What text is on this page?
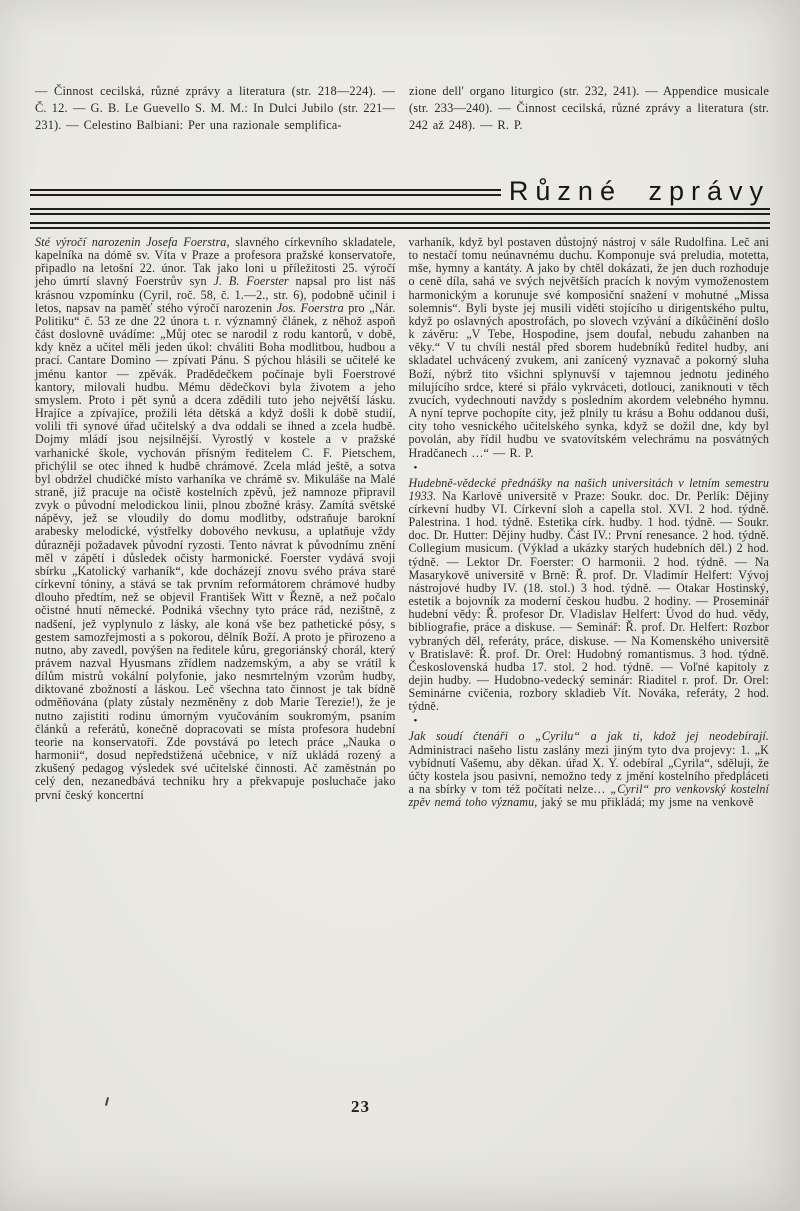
— Činnost cecilská, různé zprávy a literatura (str. 218—224). — Č. 12. — G. B. Le Guevello S. M. M.: In Dulci Jubilo (str. 221—231). — Celestino Balbiani: Per una razionale semplifica-
zione dell' organo liturgico (str. 232, 241). — Appendice musicale (str. 233—240). — Činnost cecilská, různé zprávy a literatura (str. 242 až 248). — R. P.
Různé zprávy

Sté výročí narozenin Josefa Foerstra, slavného církevního skladatele, kapelníka na dómě sv. Víta v Praze a profesora pražské konservatoře, připadlo na letošní 22. únor. Tak jako loni u příležitosti 25. výročí jeho úmrtí slavný Foerstrův syn J. B. Foerster napsal pro list náš krásnou vzpomínku (Cyril, roč. 58, č. 1.—2., str. 6), podobně učinil i letos, napsav na paměť stého výročí narozenin Jos. Foerstra pro „Nár. Politiku“ č. 53 ze dne 22 února t. r. významný článek, z něhož aspoň část doslovně uvádíme: „Můj otec se narodil z rodu kantorů, v době, kdy kněz a učitel měli jeden úkol: chváliti Boha modlitbou, hudbou a prací. Cantare Domino — zpívati Pánu. S pýchou hlásili se učitelé ke jménu kantor — zpěvák. Pradědečkem počínaje byli Foerstrové kantory, milovali hudbu. Mému dědečkovi byla životem a jeho smyslem. Proto i pět synů a dcera zdědili tuto jeho největší lásku. Hrajíce a zpívajíce, prožili léta dětská a když došli k době studií, volili tři synové úřad učitelský a dva oddali se ihned a zcela hudbě. Dojmy mládí jsou nejsilnější. Vyrostlý v kostele a v pražské varhanické škole, vychován přísným ředitelem C. F. Pietschem, přichýlil se otec ihned k hudbě chrámové. Zcela mlád ještě, a sotva byl obdržel chudičké místo varhaníka ve chrámě sv. Mikuláše na Malé straně, již pracuje na očistě kostelních zpěvů, jež namnoze připravil zvyk o původní melodickou linii, plnou zbožné krásy. Zamítá světské nápěvy, jež se vloudily do domu modlitby, odstraňuje barokní arabesky melodické, výstřelky dobového nevkusu, a uplatňuje vždy důrazněji požadavek původní ryzosti. Tento návrat k původnímu znění měl v zápětí i důsledek očisty harmonické. Foerster vydává svoji sbírku „Katolický varhaník“, kde docházejí znovu svého práva staré církevní tóniny, a stává se tak prvním reformátorem chrámové hudby dlouho předtím, než se objevil František Witt v Řezně, a než počalo očistné hnutí německé. Podniká všechny tyto práce rád, nezištně, z nadšení, jež vyplynulo z lásky, ale koná vše bez pathetické pósy, s gestem samozřejmosti a s pokorou, dělník Boží. A proto je přirozeno a nutno, aby zavedl, povýšen na ředitele kůru, gregoriánský chorál, který právem nazval Hyusmans zřídlem nadzemským, a aby se vrátil k dílům mistrů vokální polyfonie, jako nesmrtelným vzorům hudby, diktované zbožností a láskou. Leč všechna tato činnost je tak bídně odměňována (platy zůstaly nezměněny z dob Marie Terezie!), že je nutno zajistiti rodinu úmorným vyučováním soukromým, psaním článků a referátů, konečně dopracovati se místa profesora hudební teorie na konservatoři. Zde povstává po letech práce „Nauka o harmonii“, dosud nepředstižená učebnice, v níž ukládá rozený a zkušený pedagog výsledek své učitelské činnosti. Ač zaměstnán po celý den, nezanedbává techniku hry a překvapuje posluchače jako první český koncertní

varhaník, když byl postaven důstojný nástroj v sále Rudolfina. Leč ani to nestačí tomu neúnavnému duchu. Komponuje svá preludia, motetta, mše, hymny a kantáty. A jako by chtěl dokázati, že jen duch rozhoduje o ceně díla, sahá ve svých největších pracích k novým vymoženostem harmonickým a korunuje své komposiční snažení v mohutné „Missa solemnis“. Byli byste jej musili viděti stojícího u dirigentského pultu, když po oslavných apostrofách, po slovech vzývání a díkůčinění došlo k závěru: „V Tebe, Hospodine, jsem doufal, nebudu zahanben na věky.“ V tu chvíli nestál před sborem hudebníků ředitel hudby, ani skladatel uchvácený zvukem, ani zanícený vyznavač a pokorný sluha Boží, nýbrž tito všichni splynuvší v tajemnou jednotu jediného milujícího srdce, které si přálo vykrváceti, dotlouci, zaniknouti v těch zvucích, vydechnouti navždy s posledním akordem velebného hymnu. A nyní teprve pochopíte city, jež plnily tu krásu a Bohu oddanou duši, city toho vesnického učitelského synka, když se dožil dne, kdy byl povolán, aby řídil hudbu ve svatovítském velechrámu na posvátných Hradčanech …“ — R. P.

•

Hudebně-vědecké přednášky na našich universitách v letním semestru 1933. Na Karlově universitě v Praze: Soukr. doc. Dr. Perlík: Dějiny církevní hudby VI. Církevní sloh a capella stol. XVI. 2 hod. týdně. Palestrina. 1 hod. týdně. Estetika círk. hudby. 1 hod. týdně. — Soukr. doc. Dr. Hutter: Dějiny hudby. Část IV.: První renesance. 2 hod. týdně. Collegium musicum. (Výklad a ukázky starých hudebních děl.) 2 hod. týdně. — Lektor Dr. Foerster: O harmonii. 2 hod. týdně. — Na Masarykově universitě v Brně: Ř. prof. Dr. Vladimír Helfert: Vývoj nástrojové hudby IV. (18. stol.) 3 hod. týdně. — Otakar Hostinský, estetik a bojovník za moderní českou hudbu. 2 hodiny. — Proseminář hudební vědy: Ř. profesor Dr. Vladislav Helfert: Úvod do hud. vědy, bibliografie, práce a diskuse. — Seminář: Ř. prof. Dr. Helfert: Rozbor vybraných děl, referáty, práce, diskuse. — Na Komenského universitě v Bratislavě: Ř. prof. Dr. Orel: Hudobný romantismus. 3 hod. týdně. Československá hudba 17. stol. 2 hod. týdně. — Voľné kapitoly z dejin hudby. — Hudobno-vedecký seminár: Riaditel r. prof. Dr. Orel: Seminárne cvičenia, rozbory skladieb Vít. Nováka, referáty, 2 hod. týdně.

•

Jak soudí čtenáři o „Cyrilu“ a jak ti, kdož jej neodebírají. Administraci našeho listu zaslány mezi jiným tyto dva projevy: 1. „K vybídnutí Vašemu, aby děkan. úřad X. Y. odebíral „Cyrila“, sděluji, že účty kostela jsou pasivní, nemožno tedy z jmění kostelního předpláceti a na sbírky v tom též počítati nelze… „Cyril“ pro venkovský kostelní zpěv nemá toho významu, jaký se mu přikládá; my jsme na venkově

23
